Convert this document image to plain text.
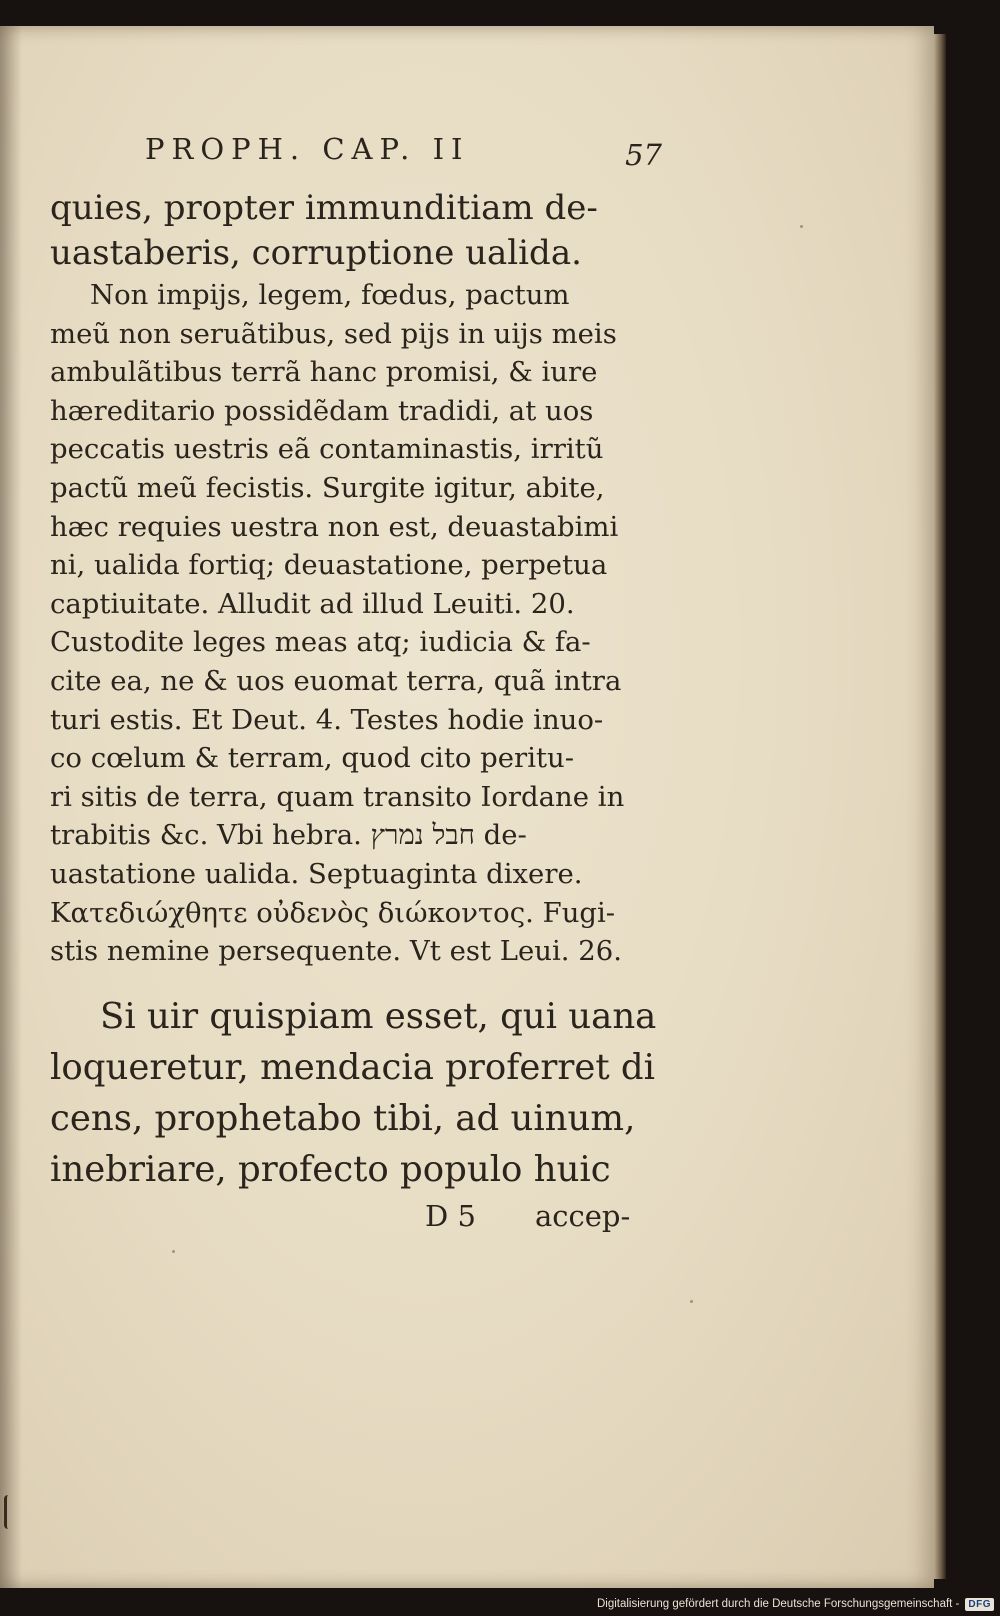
PROPH. CAP. II	57
quies, propter immunditiam de-
uastaberis, corruptione ualida.
Non impijs, legem, fœdus, pactum
meũ non seruãtibus, sed pijs in uijs meis
ambulãtibus terrã hanc promisi, & iure
hæreditario possidẽdam tradidi, at uos
peccatis uestris eã contaminastis, irritũ
pactũ meũ fecistis. Surgite igitur, abite,
hæc requies uestra non est, deuastabimi
ni, ualida fortiq; deuastatione, perpetua
captiuitate. Alludit ad illud Leuiti. 20.
Custodite leges meas atq; iudicia & fa-
cite ea, ne & uos euomat terra, quã intra
turi estis. Et Deut. 4. Testes hodie inuo-
co cœlum & terram, quod cito peritu-
ri sitis de terra, quam transito Iordane in
trabitis &c. Vbi hebra. חבל נמרץ de-
uastatione ualida. Septuaginta dixere.
Κατεδιώχθητε οὐδενὸς διώκοντος. Fugi-
stis nemine persequente. Vt est Leui. 26.
Si uir quispiam esset, qui uana
loqueretur, mendacia proferret di
cens, prophetabo tibi, ad uinum,
inebriare, profecto populo huic
D 5 accep-
Digitalisierung gefördert durch die Deutsche Forschungsgemeinschaft - DFG
